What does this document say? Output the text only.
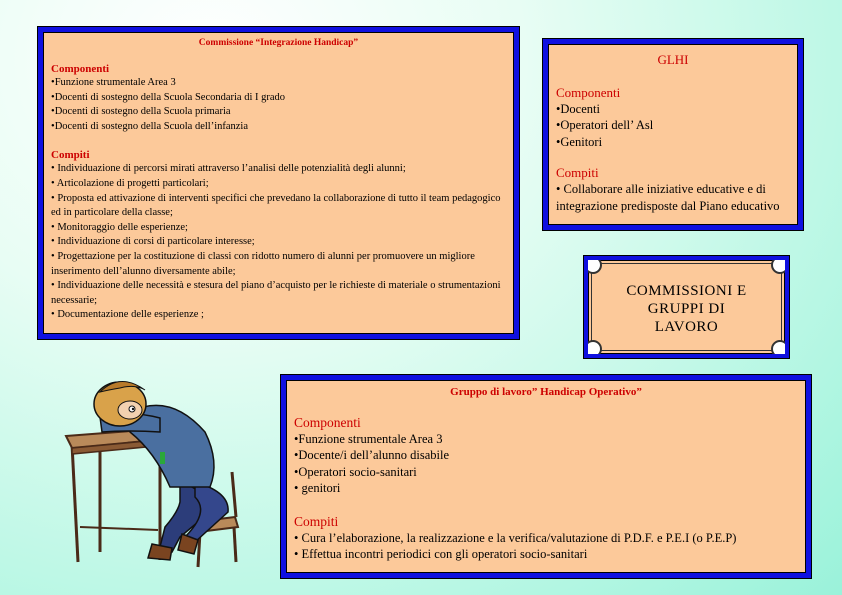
Commissione “Integrazione Handicap”
Componenti
•Funzione strumentale Area 3
•Docenti di sostegno della Scuola Secondaria di I grado
•Docenti di sostegno della Scuola primaria
•Docenti di sostegno della Scuola dell’infanzia
Compiti
• Individuazione di percorsi mirati attraverso l’analisi delle potenzialità degli alunni;
• Articolazione di progetti particolari;
• Proposta ed attivazione di interventi specifici che prevedano la collaborazione di tutto il team pedagogico ed in particolare della classe;
• Monitoraggio delle esperienze;
• Individuazione di corsi di particolare interesse;
• Progettazione per la costituzione di classi con ridotto numero di alunni per promuovere un migliore inserimento dell’alunno diversamente abile;
• Individuazione delle necessità e stesura del piano d’acquisto per le richieste di materiale o strumentazioni necessarie;
• Documentazione delle esperienze ;
GLHI
Componenti
•Docenti
•Operatori dell’ Asl
•Genitori
Compiti
• Collaborare alle iniziative educative e di integrazione predisposte dal Piano educativo
COMMISSIONI E
GRUPPI DI
LAVORO
Gruppo di lavoro” Handicap Operativo”
Componenti
•Funzione strumentale Area 3
•Docente/i dell’alunno disabile
•Operatori socio-sanitari
• genitori
Compiti
• Cura l’elaborazione, la realizzazione e la verifica/valutazione di P.D.F. e P.E.I (o P.E.P)
• Effettua incontri periodici con gli operatori socio-sanitari
